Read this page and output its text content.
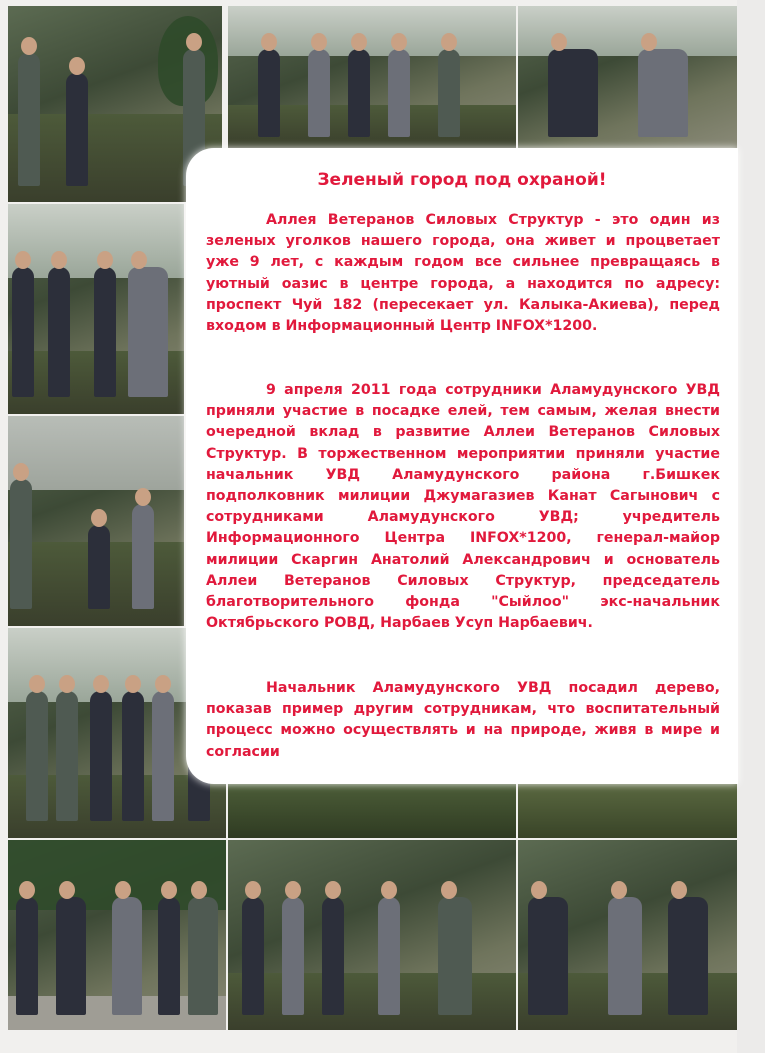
Зеленый город под охраной!
Аллея Ветеранов Силовых Структур - это один из зеленых уголков нашего города, она живет и процветает уже 9 лет, с каждым годом все сильнее превращаясь в уютный оазис в центре города, а находится по адресу: проспект Чуй 182 (пересекает ул. Калыка-Акиева), перед входом в Информационный Центр INFOX*1200.
9 апреля 2011 года сотрудники Аламудунского УВД приняли участие в посадке елей, тем самым, желая внести очередной вклад в развитие Аллеи Ветеранов Силовых Структур. В торжественном мероприятии приняли участие начальник УВД Аламудунского района г.Бишкек подполковник милиции Джумагазиев Канат Сагынович с сотрудниками Аламудунского УВД; учредитель Информационного Центра INFOX*1200, генерал-майор милиции Скаргин Анатолий Александрович и основатель Аллеи Ветеранов Силовых Структур, председатель благотворительного фонда "Сыйлоо" экс-начальник Октябрьского РОВД, Нарбаев Усуп Нарбаевич.
Начальник Аламудунского УВД посадил дерево, показав пример другим сотрудникам, что воспитательный процесс можно осуществлять и на природе, живя в мире и согласии
